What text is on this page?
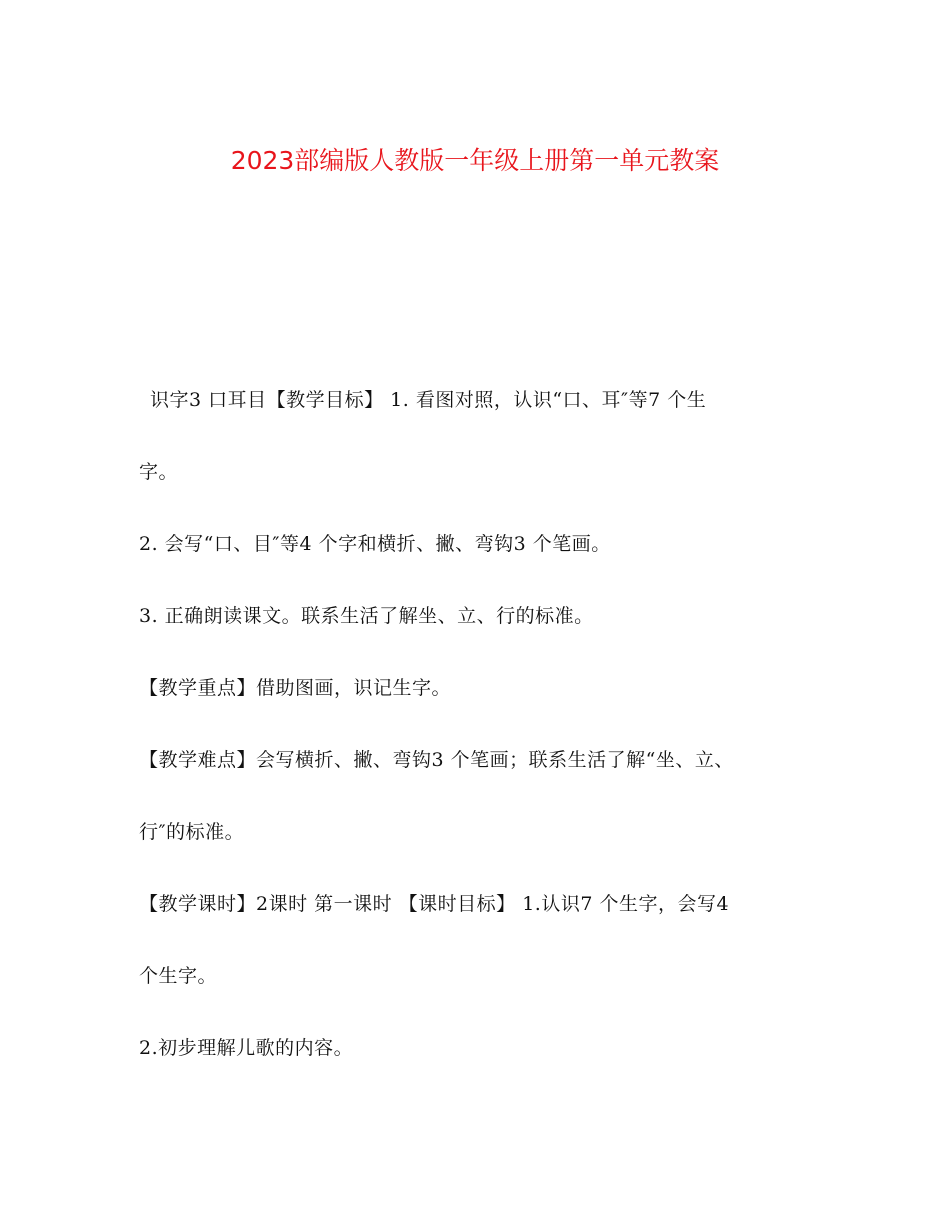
2023部编版人教版一年级上册第一单元教案
识字3 口耳目【教学目标】 1. 看图对照，认识“口、耳″等7 个生
字。
2. 会写“口、目″等4 个字和横折、撇、弯钩3 个笔画。
3. 正确朗读课文。联系生活了解坐、立、行的标准。
【教学重点】借助图画，识记生字。
【教学难点】会写横折、撇、弯钩3 个笔画；联系生活了解“坐、立、
行″的标准。
【教学课时】2课时 第一课时 【课时目标】 1.认识7 个生字，会写4
个生字。
2.初步理解儿歌的内容。
